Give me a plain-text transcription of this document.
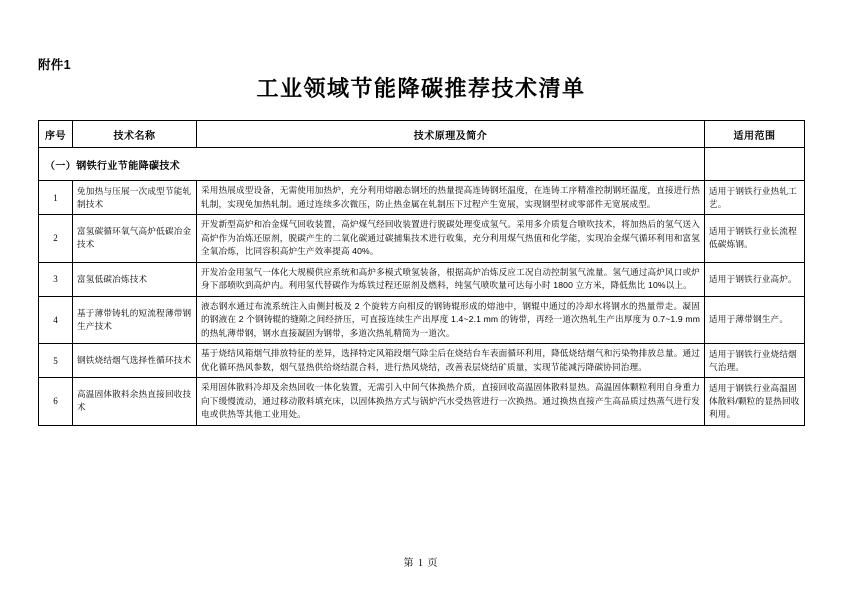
附件1
工业领域节能降碳推荐技术清单
序号	技术名称	技术原理及简介	适用范围
（一）钢铁行业节能降碳技术			
1	免加热与压展一次成型节能轧制技术	采用热展成型设备，无需使用加热炉，充分利用熔融态钢坯的热量提高连铸钢坯温度，在连铸工序精准控制钢坯温度，直接进行热轧制，实现免加热轧制。通过连续多次微压，防止热金属在轧制压下过程产生宽展，实现钢型材或零部件无宽展成型。	适用于钢铁行业热轧工艺。
2	富氢碳循环氧气高炉低碳冶金技术	开发新型高炉和冶金煤气回收装置，高炉煤气经回收装置进行脱碳处理变成氢气。采用多介质复合喷吹技术，将加热后的氢气送入高炉作为冶炼还原剂，脱碳产生的二氧化碳通过碳捕集技术进行收集，充分利用煤气热值和化学能，实现冶金煤气循环利用和富氢全氧冶炼，比同容积高炉生产效率提高 40%。	适用于钢铁行业长流程低碳炼钢。
3	富氢低碳冶炼技术	开发冶金用氢气一体化大规模供应系统和高炉多模式喷氢装备，根据高炉冶炼反应工况自动控制氢气流量。氢气通过高炉风口或炉身下部喷吹到高炉内。利用氢代替碳作为炼铁过程还原剂及燃料，纯氢气喷吹量可达每小时 1800 立方米，降低焦比 10%以上。	适用于钢铁行业高炉。
4	基于薄带铸轧的短流程薄带钢生产技术	液态钢水通过布流系统注入由侧封板及 2 个旋转方向相反的钢铸辊形成的熔池中，钢辊中通过的冷却水将钢水的热量带走。凝固的钢液在 2 个钢铸辊的缝隙之间经挤压，可直接连续生产出厚度 1.4~2.1 mm 的铸带，再经一道次热轧生产出厚度为 0.7~1.9 mm 的热轧薄带钢，钢水直接凝固为钢带，多道次热轧精简为一道次。	适用于薄带钢生产。
5	钢铁烧结烟气选择性循环技术	基于烧结风箱烟气排放特征的差异，选择特定风箱段烟气除尘后在烧结台车表面循环利用，降低烧结烟气和污染物排放总量。通过优化循环热风参数，烟气显热供给烧结混合料，进行热风烧结，改善表层烧结矿质量，实现节能减污降碳协同治理。	适用于钢铁行业烧结烟气治理。
6	高温固体散料余热直接回收技术	采用固体散料冷却及余热回收一体化装置，无需引入中间气体换热介质，直接回收高温固体散料显热。高温固体颗粒利用自身重力向下缓慢流动，通过移动散料填充床，以固体换热方式与锅炉汽水受热管进行一次换热。通过换热直接产生高品质过热蒸气进行发电或供热等其他工业用处。	适用于钢铁行业高温固体散料/颗粒的显热回收利用。
第 1 页
